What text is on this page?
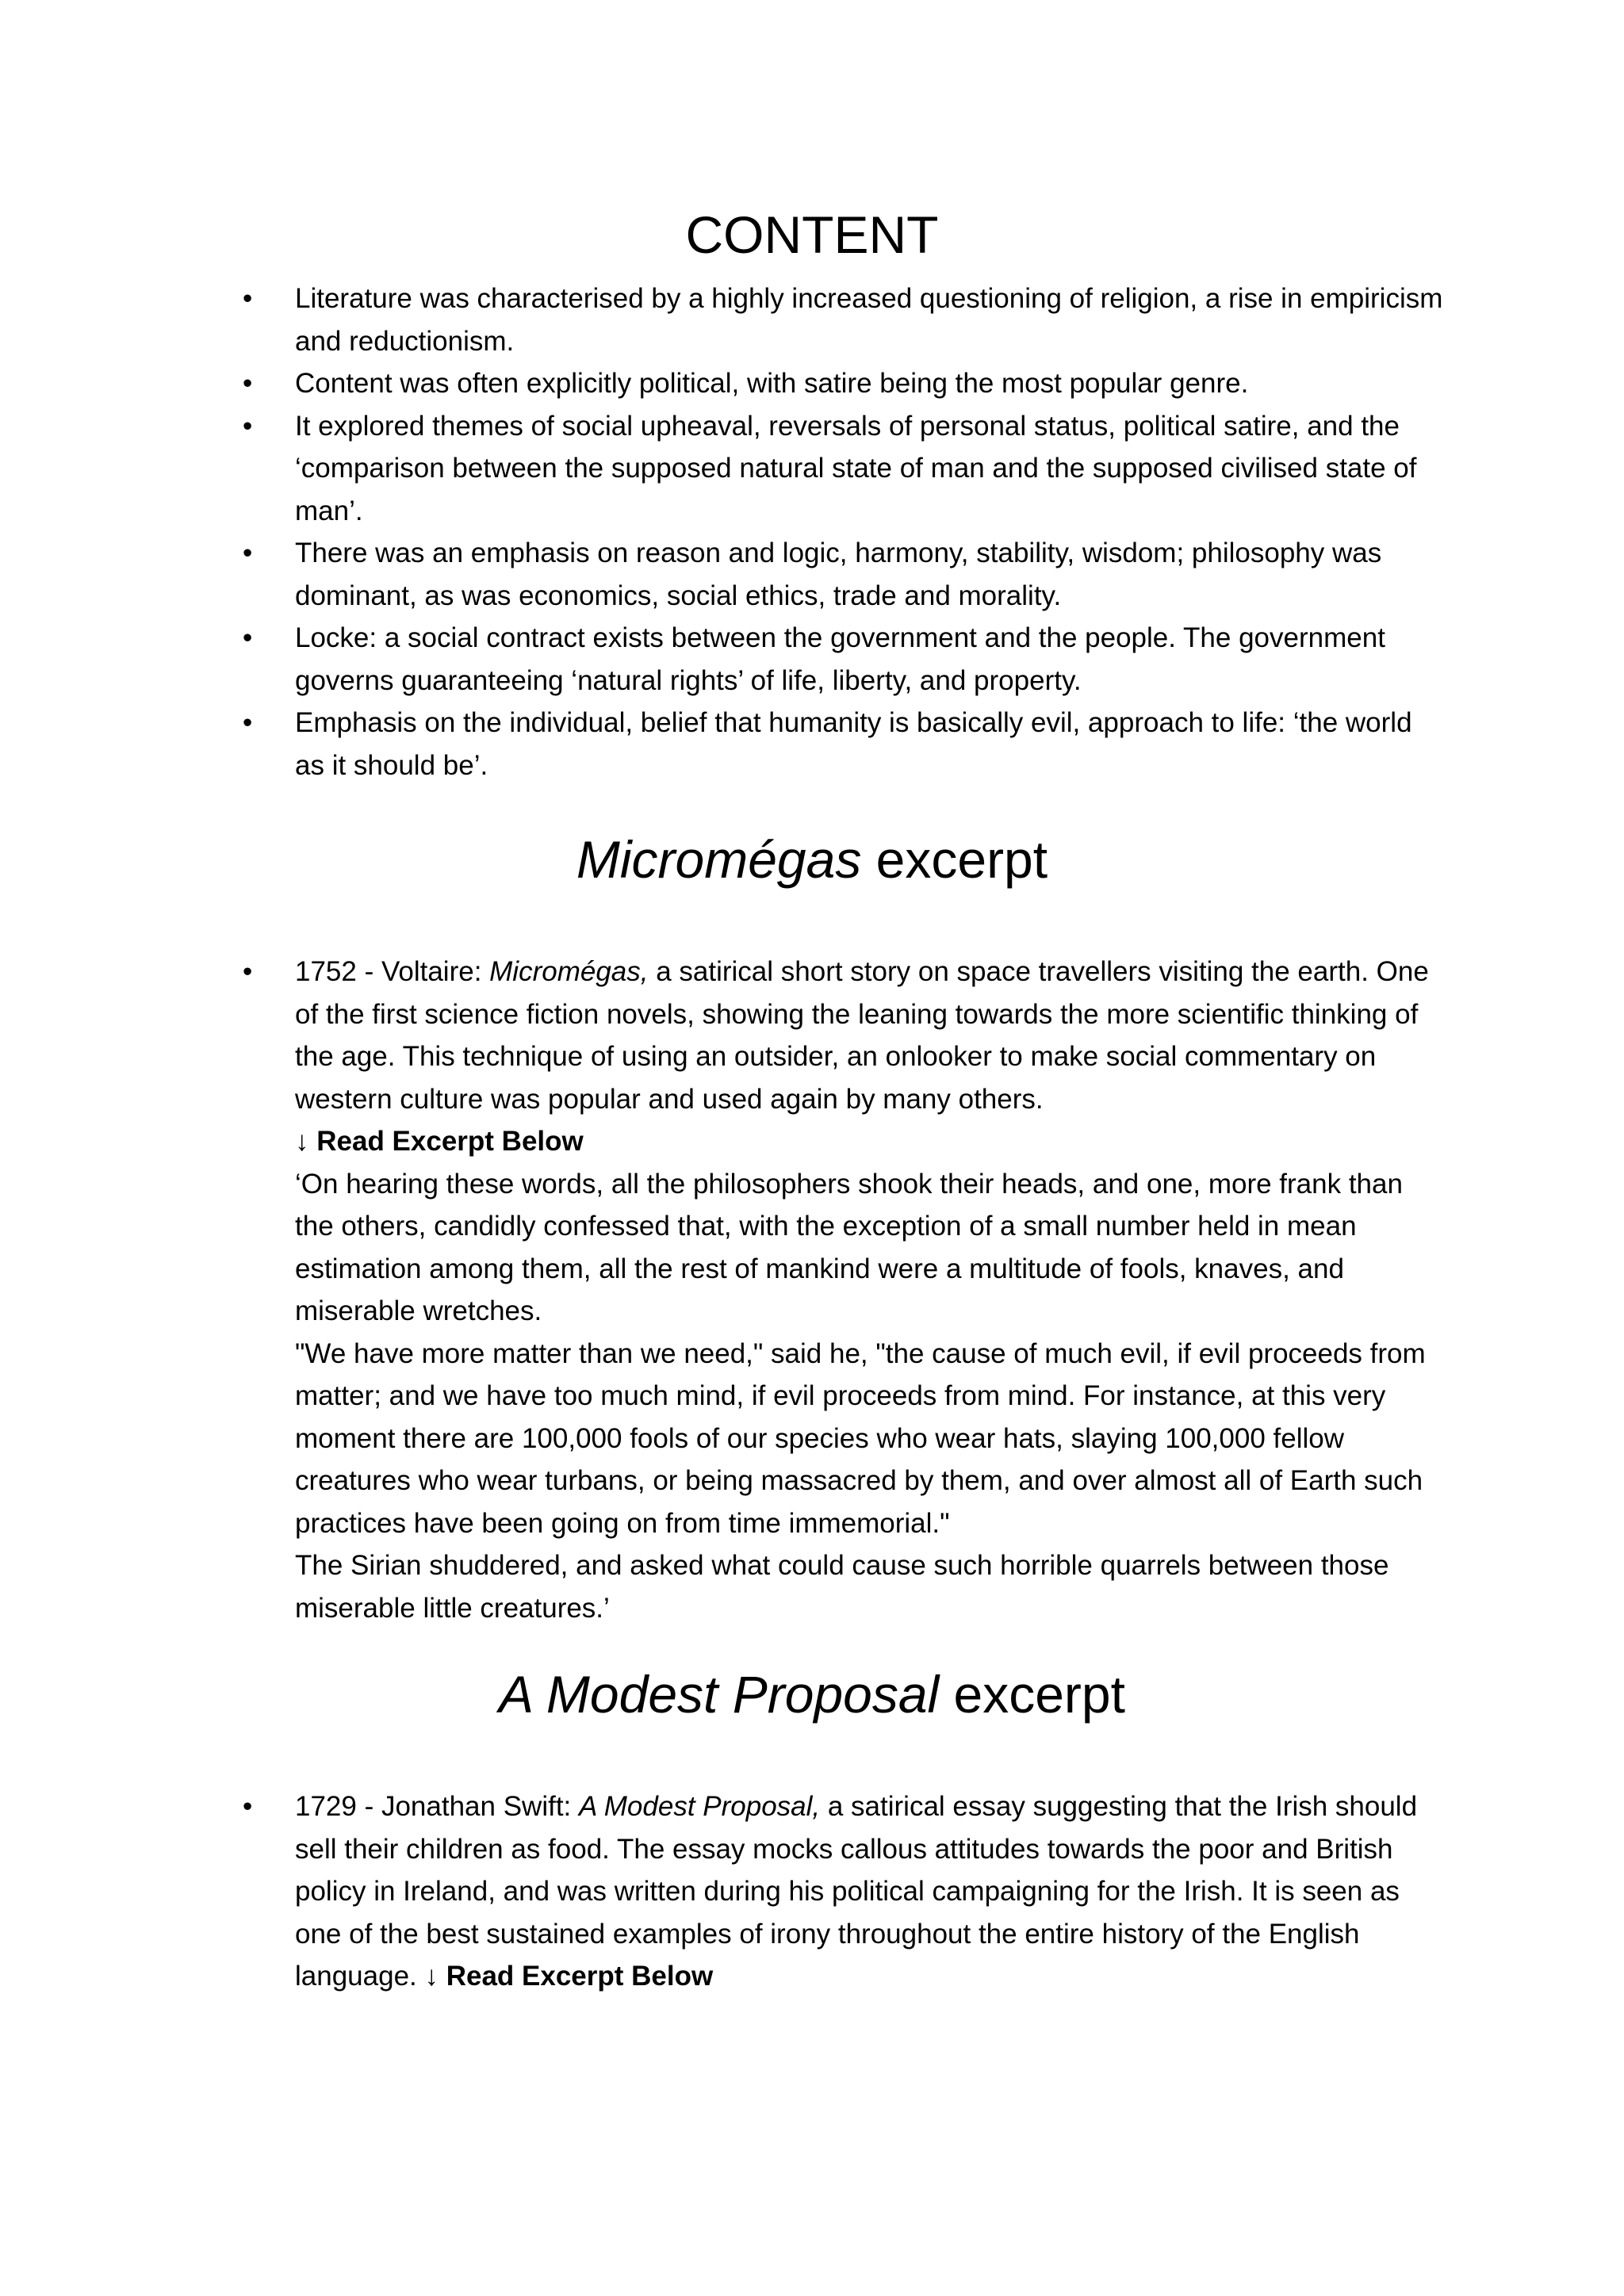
CONTENT
•	Literature was characterised by a highly increased questioning of religion, a rise in empiricism and reductionism.
•	Content was often explicitly political, with satire being the most popular genre.
•	It explored themes of social upheaval, reversals of personal status, political satire, and the ‘comparison between the supposed natural state of man and the supposed civilised state of man’.
•	There was an emphasis on reason and logic, harmony, stability, wisdom; philosophy was dominant, as was economics, social ethics, trade and morality.
•	Locke: a social contract exists between the government and the people. The government governs guaranteeing ‘natural rights’ of life, liberty, and property.
•	Emphasis on the individual, belief that humanity is basically evil, approach to life: ‘the world as it should be’.
Micromégas excerpt
•	1752 - Voltaire: Micromégas, a satirical short story on space travellers visiting the earth. One of the first science fiction novels, showing the leaning towards the more scientific thinking of the age. This technique of using an outsider, an onlooker to make social commentary on western culture was popular and used again by many others.
↓ Read Excerpt Below
‘On hearing these words, all the philosophers shook their heads, and one, more frank than the others, candidly confessed that, with the exception of a small number held in mean estimation among them, all the rest of mankind were a multitude of fools, knaves, and miserable wretches.
"We have more matter than we need," said he, "the cause of much evil, if evil proceeds from matter; and we have too much mind, if evil proceeds from mind. For instance, at this very moment there are 100,000 fools of our species who wear hats, slaying 100,000 fellow creatures who wear turbans, or being massacred by them, and over almost all of Earth such practices have been going on from time immemorial."
The Sirian shuddered, and asked what could cause such horrible quarrels between those miserable little creatures.’
A Modest Proposal excerpt
•	1729 - Jonathan Swift: A Modest Proposal, a satirical essay suggesting that the Irish should sell their children as food. The essay mocks callous attitudes towards the poor and British policy in Ireland, and was written during his political campaigning for the Irish. It is seen as one of the best sustained examples of irony throughout the entire history of the English language. ↓ Read Excerpt Below
